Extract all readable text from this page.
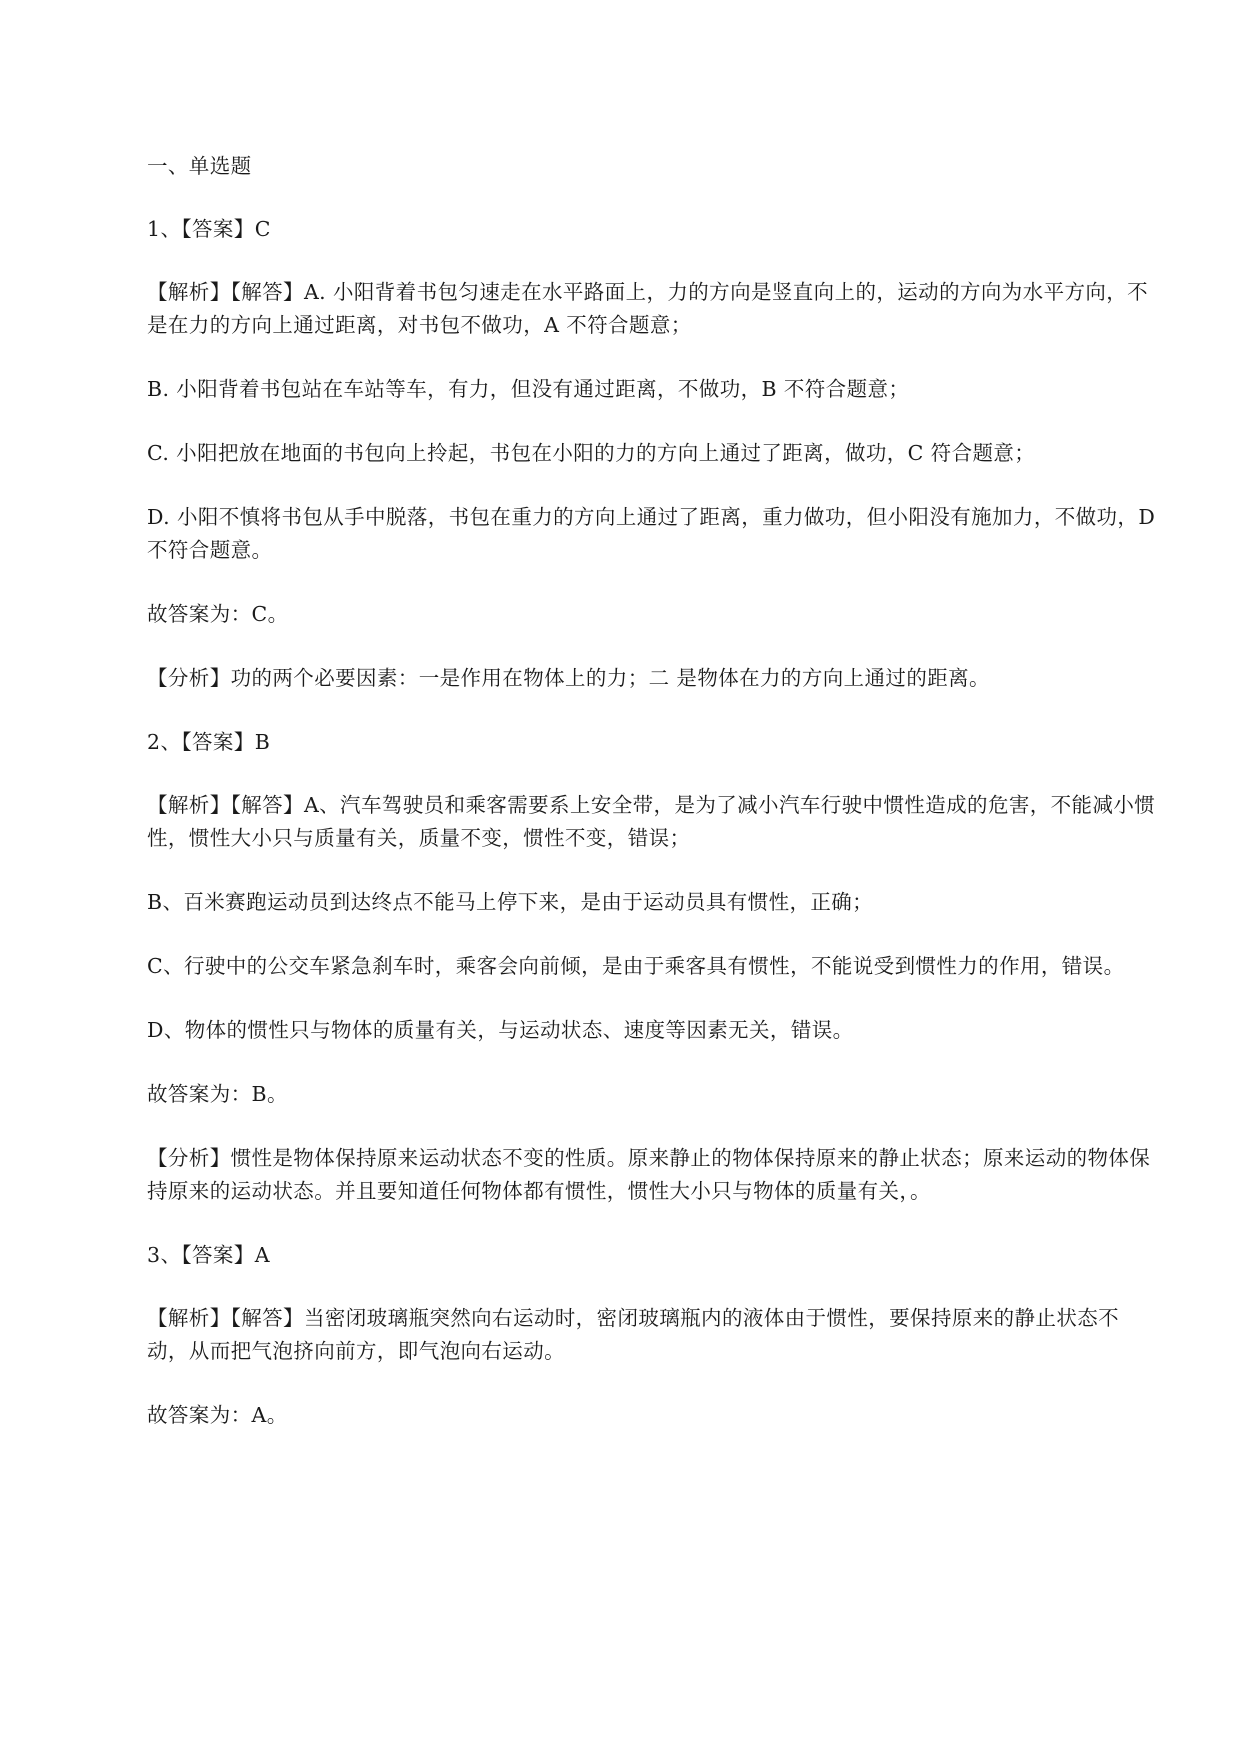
一、单选题

1、【答案】C

【解析】【解答】A. 小阳背着书包匀速走在水平路面上，力的方向是竖直向上的，运动的方向为水平方向，不是在力的方向上通过距离，对书包不做功，A 不符合题意；

B. 小阳背着书包站在车站等车，有力，但没有通过距离，不做功，B 不符合题意；

C. 小阳把放在地面的书包向上拎起，书包在小阳的力的方向上通过了距离，做功，C 符合题意；

D. 小阳不慎将书包从手中脱落，书包在重力的方向上通过了距离，重力做功，但小阳没有施加力，不做功，D 不符合题意。

故答案为：C。

【分析】功的两个必要因素：一是作用在物体上的力；二 是物体在力的方向上通过的距离。

2、【答案】B

【解析】【解答】A、汽车驾驶员和乘客需要系上安全带，是为了减小汽车行驶中惯性造成的危害，不能减小惯性，惯性大小只与质量有关，质量不变，惯性不变，错误；

B、百米赛跑运动员到达终点不能马上停下来，是由于运动员具有惯性，正确；

C、行驶中的公交车紧急刹车时，乘客会向前倾，是由于乘客具有惯性，不能说受到惯性力的作用，错误。

D、物体的惯性只与物体的质量有关，与运动状态、速度等因素无关，错误。

故答案为：B。

【分析】惯性是物体保持原来运动状态不变的性质。原来静止的物体保持原来的静止状态；原来运动的物体保持原来的运动状态。并且要知道任何物体都有惯性，惯性大小只与物体的质量有关，。

3、【答案】A

【解析】【解答】当密闭玻璃瓶突然向右运动时，密闭玻璃瓶内的液体由于惯性，要保持原来的静止状态不动，从而把气泡挤向前方，即气泡向右运动。

故答案为：A。
